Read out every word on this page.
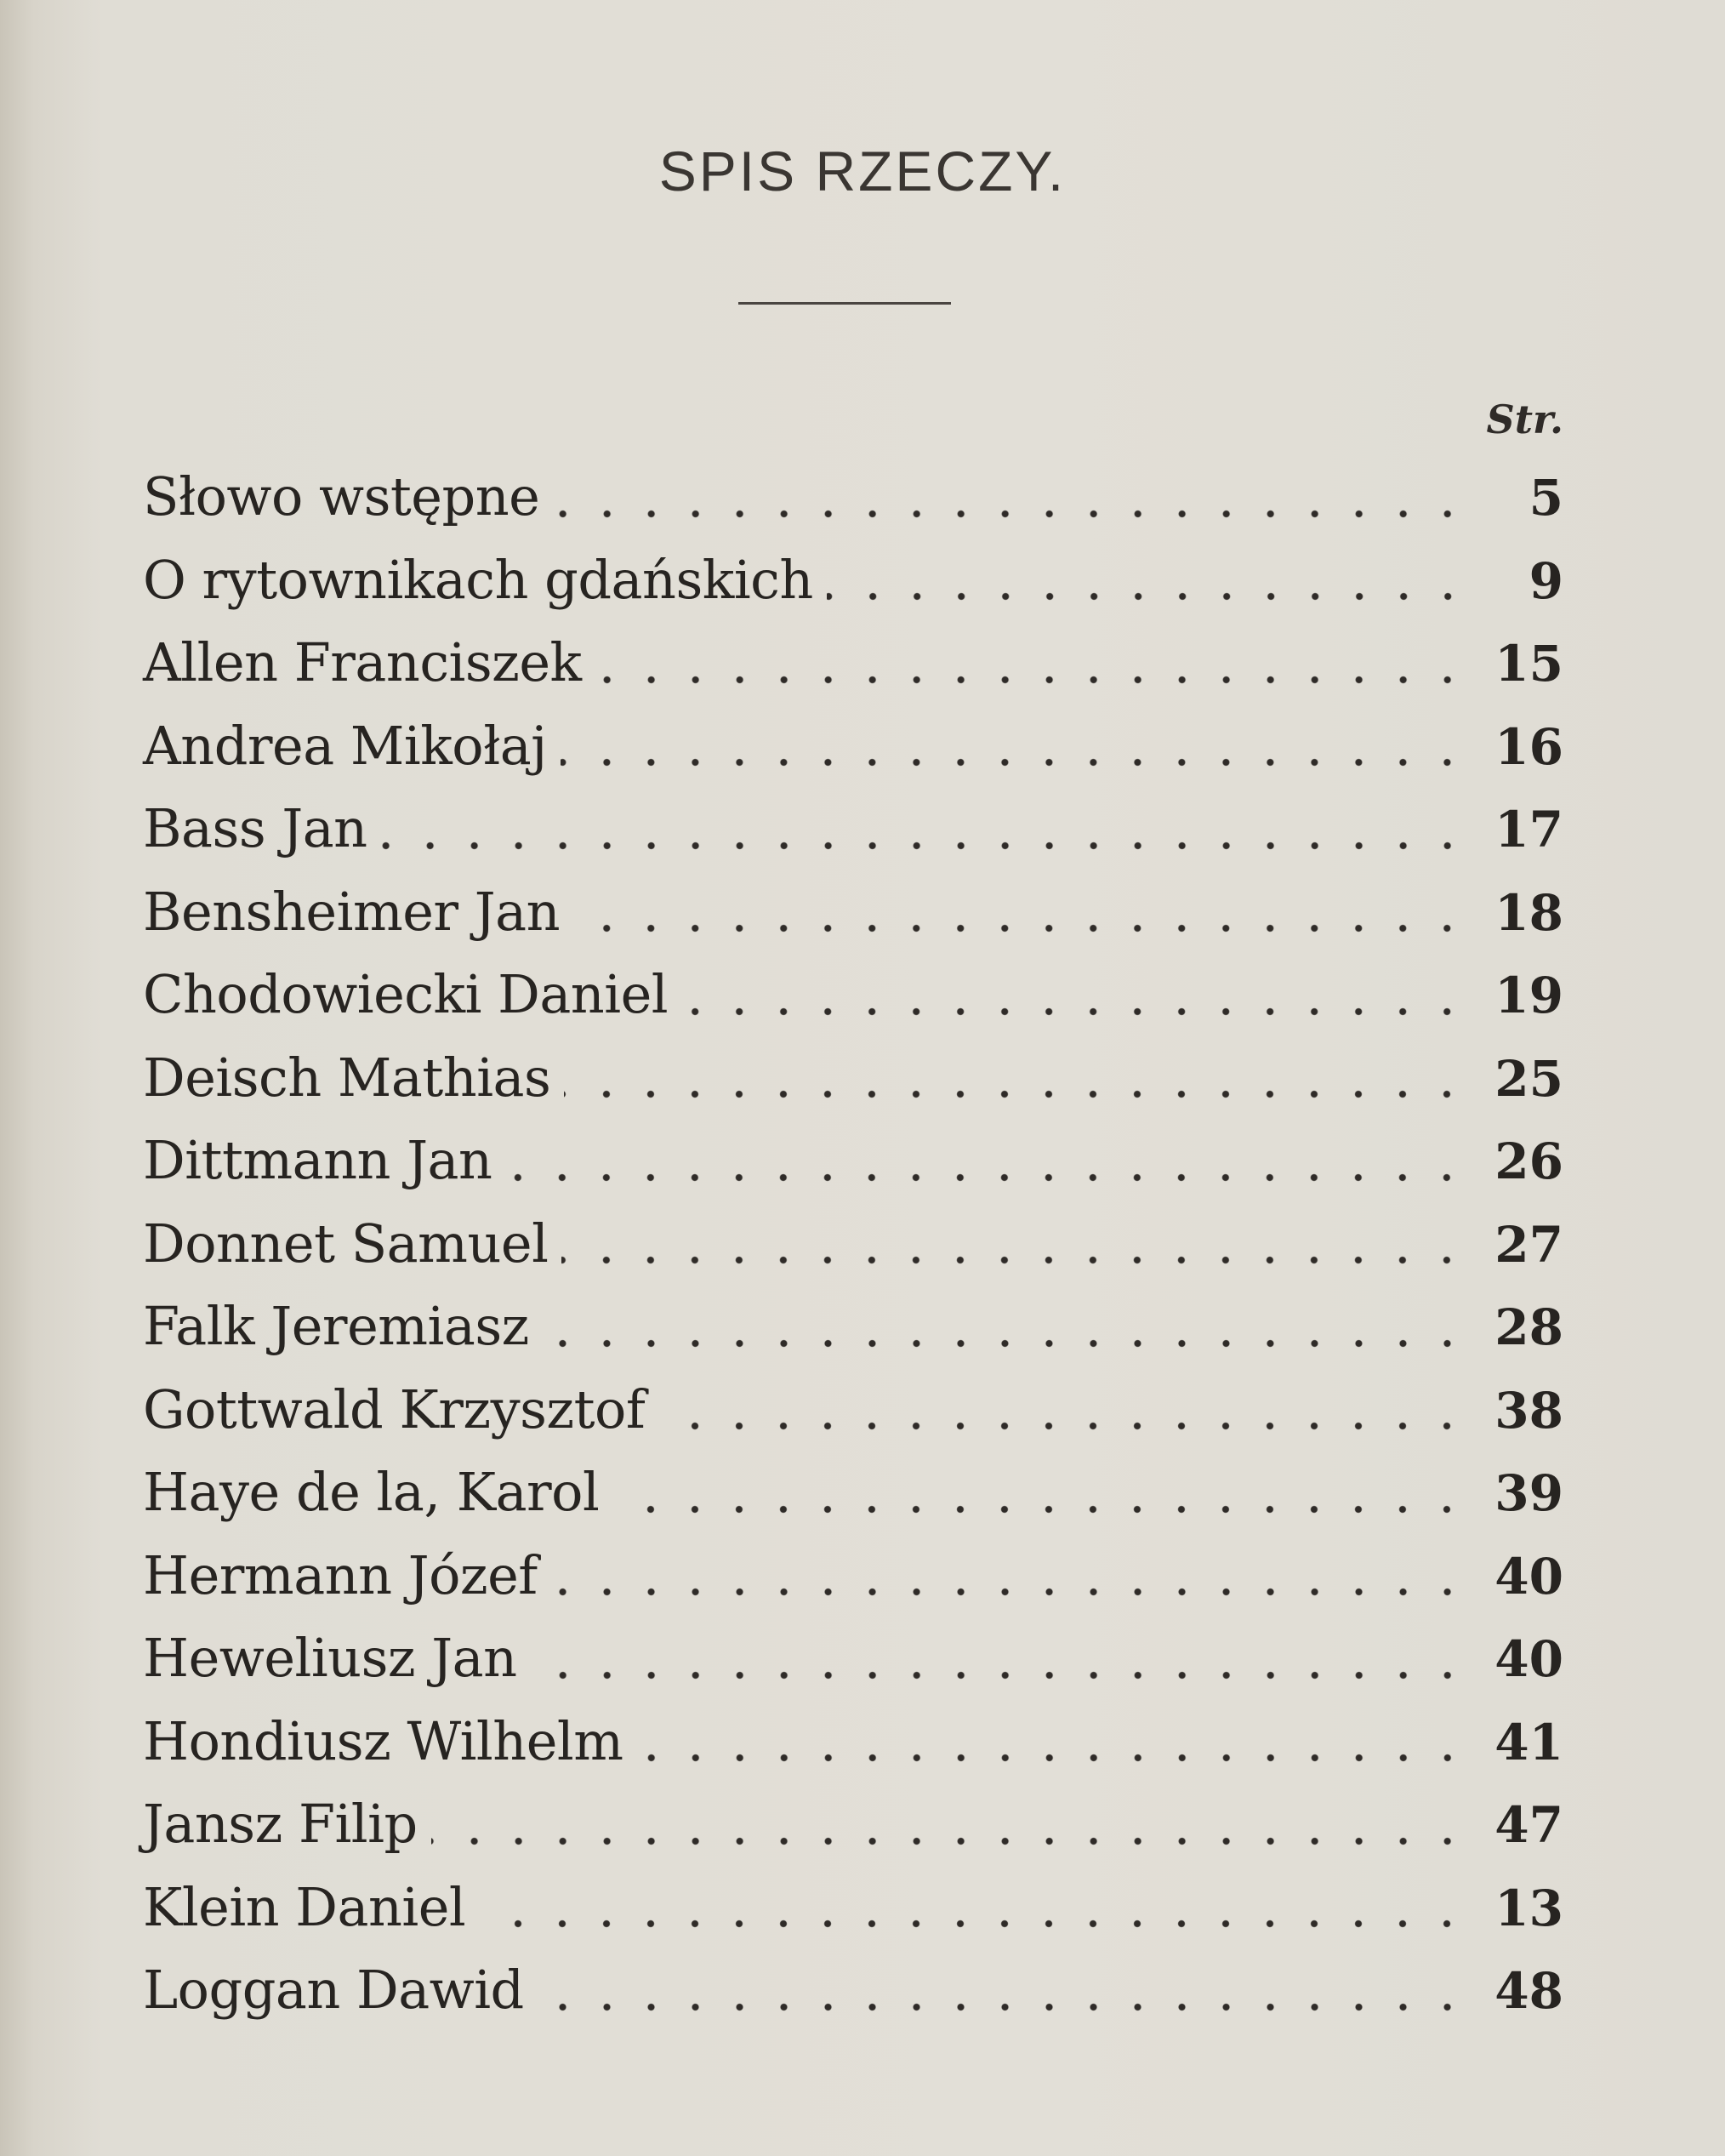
SPIS RZECZY.
Str.
Słowo wstępne	5
O rytownikach gdańskich	9
Allen Franciszek	15
Andrea Mikołaj	16
Bass Jan	17
Bensheimer Jan	18
Chodowiecki Daniel	19
Deisch Mathias	25
Dittmann Jan	26
Donnet Samuel	27
Falk Jeremiasz	28
Gottwald Krzysztof	38
Haye de la, Karol	39
Hermann Józef	40
Heweliusz Jan	40
Hondiusz Wilhelm	41
Jansz Filip	47
Klein Daniel	13
Loggan Dawid	48
